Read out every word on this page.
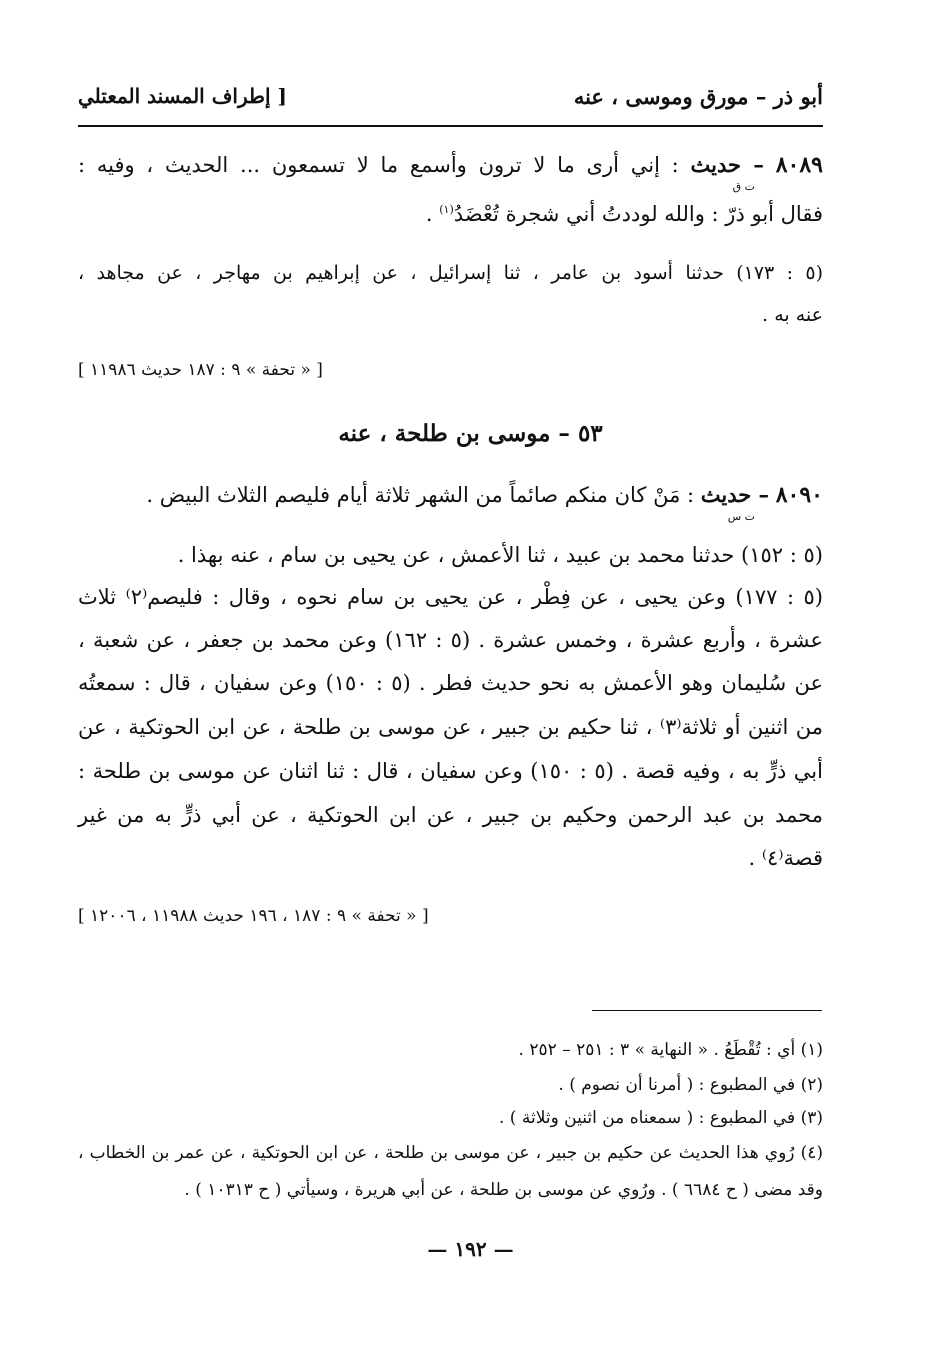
أبو ذر – مورق وموسى ، عنه
[ إطراف المسند المعتلي
٨٠٨٩ – حديث : إني أرى ما لا ترون وأسمع ما لا تسمعون ... الحديث ، وفيه :
ت ق
فقال أبو ذرّ : والله لوددتُ أني شجرة تُعْضَدُ$^{(١)}$ .
(٥ : ١٧٣) حدثنا أسود بن عامر ، ثنا إسرائيل ، عن إبراهيم بن مهاجر ، عن مجاهد ،
عنه به .
[ « تحفة » ٩ : ١٨٧ حديث ١١٩٨٦ ]
٥٣ – موسى بن طلحة ، عنه
٨٠٩٠ – حديث : مَنْ كان منكم صائماً من الشهر ثلاثة أيام فليصم الثلاث البيض .
ت س
(٥ : ١٥٢) حدثنا محمد بن عبيد ، ثنا الأعمش ، عن يحيى بن سام ، عنه بهذا .
(٥ : ١٧٧) وعن يحيى ، عن فِطْر ، عن يحيى بن سام نحوه ، وقال : فليصم⁽٢⁾ ثلاث
عشرة ، وأربع عشرة ، وخمس عشرة . (٥ : ١٦٢) وعن محمد بن جعفر ، عن شعبة ،
عن سُليمان وهو الأعمش به نحو حديث فطر . (٥ : ١٥٠) وعن سفيان ، قال : سمعتُه
من اثنين أو ثلاثة⁽٣⁾ ، ثنا حكيم بن جبير ، عن موسى بن طلحة ، عن ابن الحوتكية ، عن
أبي ذرٍّ به ، وفيه قصة . (٥ : ١٥٠) وعن سفيان ، قال : ثنا اثنان عن موسى بن طلحة :
محمد بن عبد الرحمن وحكيم بن جبير ، عن ابن الحوتكية ، عن أبي ذرٍّ به من غير
قصة⁽٤⁾ .
[ « تحفة » ٩ : ١٨٧ ، ١٩٦ حديث ١١٩٨٨ ، ١٢٠٠٦ ]
(١) أي : تُقْطَعُ . « النهاية » ٣ : ٢٥١ – ٢٥٢ .
(٢) في المطبوع : ( أمرنا أن نصوم ) .
(٣) في المطبوع : ( سمعناه من اثنين وثلاثة ) .
(٤) رُوي هذا الحديث عن حكيم بن جبير ، عن موسى بن طلحة ، عن ابن الحوتكية ، عن عمر بن الخطاب ،
وقد مضى ( ح ٦٦٨٤ ) . ورُوي عن موسى بن طلحة ، عن أبي هريرة ، وسيأتي ( ح ١٠٣١٣ ) .
— ١٩٢ —
